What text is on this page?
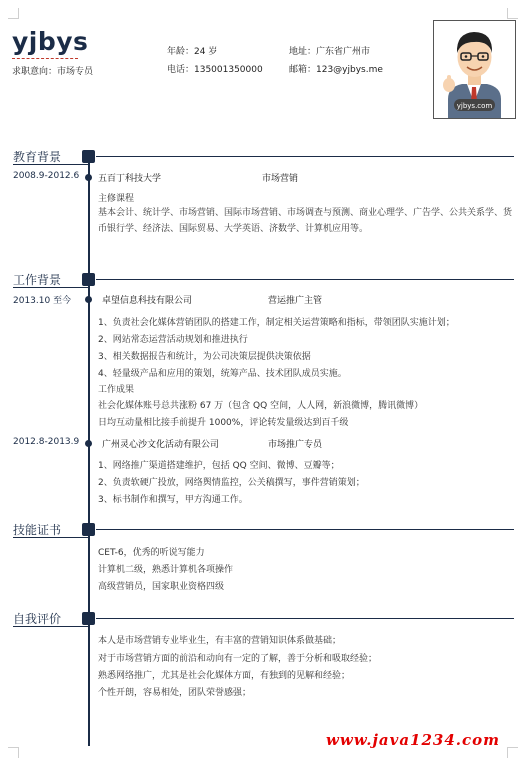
yjbys
求职意向：市场专员
年龄：24 岁
电话：135001350000
地址：广东省广州市
邮箱：123@yjbys.me
yjbys.com
教育背景
2008.9-2012.6 五百丁科技大学	市场营销
主修课程
基本会计、统计学、市场营销、国际市场营销、市场调查与预测、商业心理学、广告学、公共关系学、货币银行学、经济法、国际贸易、大学英语、济数学、计算机应用等。
工作背景
2013.10 至今	卓望信息科技有限公司	营运推广主管
1、负责社会化媒体营销团队的搭建工作，制定相关运营策略和指标，带领团队实施计划；
2、网站常态运营活动规划和推进执行
3、相关数据报告和统计，为公司决策层提供决策依据
4、轻量级产品和应用的策划，统筹产品、技术团队成员实施。
工作成果
社会化媒体账号总共涨粉 67 万（包含 QQ 空间，人人网，新浪微博，腾讯微博）
日均互动量相比接手前提升 1000%，评论转发量级达到百千级
2012.8-2013.9	广州灵心沙文化活动有限公司	市场推广专员
1、网络推广渠道搭建维护，包括 QQ 空间、微博、豆瓣等；
2、负责软硬广投放，网络舆情监控，公关稿撰写，事件营销策划；
3、标书制作和撰写，甲方沟通工作。
技能证书
CET-6，优秀的听说写能力
计算机二级，熟悉计算机各项操作
高级营销员，国家职业资格四级
自我评价
本人是市场营销专业毕业生，有丰富的营销知识体系做基础；
对于市场营销方面的前沿和动向有一定的了解，善于分析和吸取经验；
熟悉网络推广，尤其是社会化媒体方面，有独到的见解和经验；
个性开朗，容易相处，团队荣誉感强；
www.java1234.com
